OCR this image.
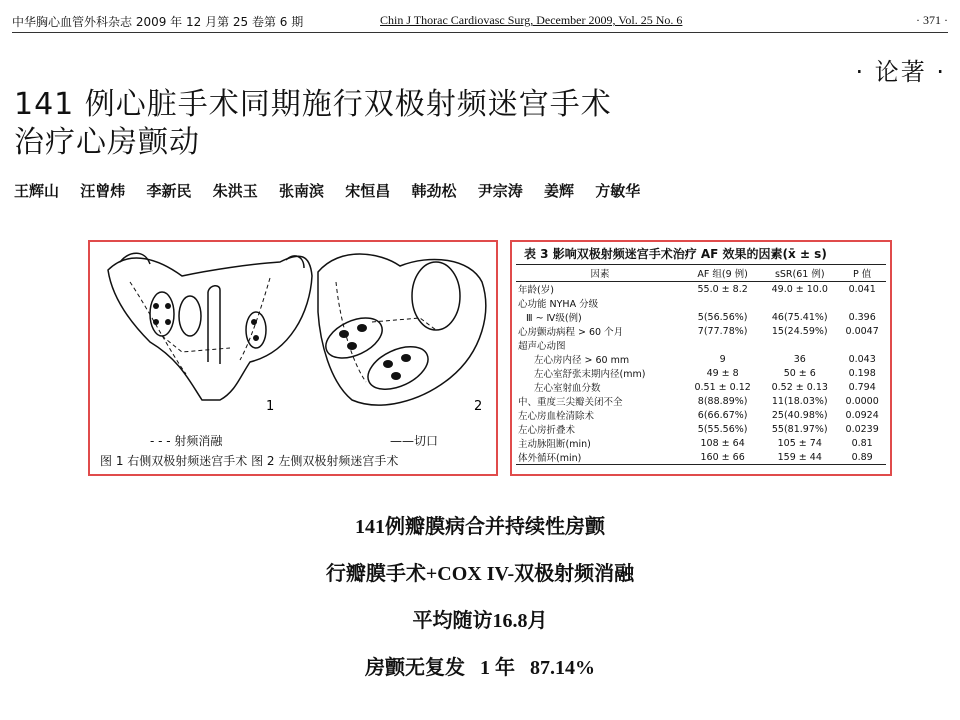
中华胸心血管外科杂志 2009 年 12 月第 25 卷第 6 期	Chin J Thorac Cardiovasc Surg, December 2009, Vol. 25 No. 6	· 371 ·
· 论著 ·
141 例心脏手术同期施行双极射频迷宫手术
治疗心房颤动
王辉山 汪曾炜 李新民 朱洪玉 张南滨 宋恒昌 韩劲松 尹宗涛 姜辉 方敏华
1	2
- - - 射频消融	——切口
图 1 右侧双极射频迷宫手术 图 2 左侧双极射频迷宫手术
表 3 影响双极射频迷宫手术治疗 AF 效果的因素(x̄ ± s)
因素	AF 组(9 例)	sSR(61 例)	P 值
年龄(岁)	55.0 ± 8.2	49.0 ± 10.0	0.041
心功能 NYHA 分级			
Ⅲ ~ Ⅳ级(例)	5(56.56%)	46(75.41%)	0.396
心房颤动病程 > 60 个月	7(77.78%)	15(24.59%)	0.0047
超声心动图			
左心房内径 > 60 mm	9	36	0.043
左心室舒张末期内径(mm)	49 ± 8	50 ± 6	0.198
左心室射血分数	0.51 ± 0.12	0.52 ± 0.13	0.794
中、重度三尖瓣关闭不全	8(88.89%)	11(18.03%)	0.0000
左心房血栓清除术	6(66.67%)	25(40.98%)	0.0924
左心房折叠术	5(55.56%)	55(81.97%)	0.0239
主动脉阻断(min)	108 ± 64	105 ± 74	0.81
体外循环(min)	160 ± 66	159 ± 44	0.89
141例瓣膜病合并持续性房颤
行瓣膜手术+COX IV-双极射频消融
平均随访16.8月
房颤无复发   1 年   87.14%
